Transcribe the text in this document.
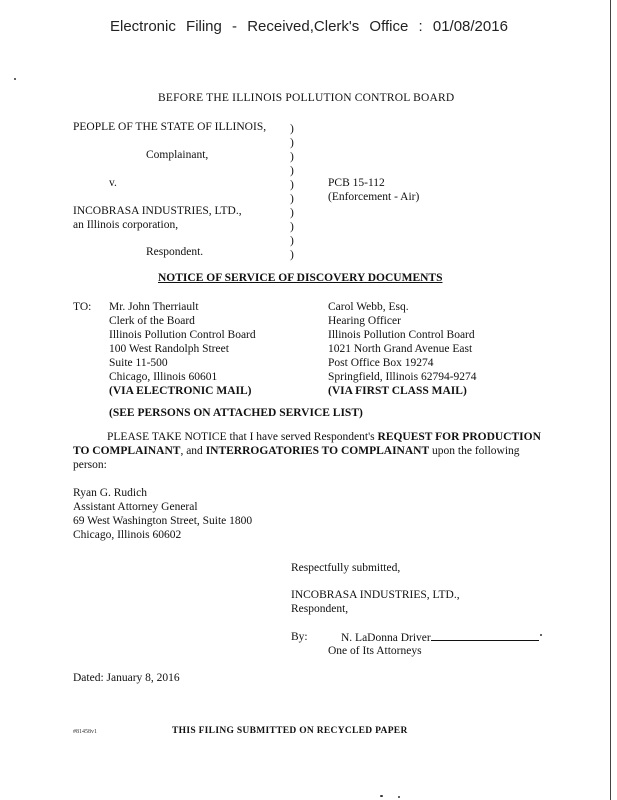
Electronic Filing - Received,Clerk's Office : 01/08/2016
BEFORE THE ILLINOIS POLLUTION CONTROL BOARD
PEOPLE OF THE STATE OF ILLINOIS,
Complainant,
v.
INCOBRASA INDUSTRIES, LTD.,
an Illinois corporation,
Respondent.
)
)
)
)
)
)
)
)
)
)
PCB 15-112
(Enforcement - Air)
NOTICE OF SERVICE OF DISCOVERY DOCUMENTS
TO: Mr. John Therriault
Clerk of the Board
Illinois Pollution Control Board
100 West Randolph Street
Suite 11-500
Chicago, Illinois 60601
(VIA ELECTRONIC MAIL)
Carol Webb, Esq.
Hearing Officer
Illinois Pollution Control Board
1021 North Grand Avenue East
Post Office Box 19274
Springfield, Illinois 62794-9274
(VIA FIRST CLASS MAIL)
(SEE PERSONS ON ATTACHED SERVICE LIST)
PLEASE TAKE NOTICE that I have served Respondent's REQUEST FOR PRODUCTION TO COMPLAINANT, and INTERROGATORIES TO COMPLAINANT upon the following person:
Ryan G. Rudich
Assistant Attorney General
69 West Washington Street, Suite 1800
Chicago, Illinois 60602
Respectfully submitted,
INCOBRASA INDUSTRIES, LTD.,
Respondent,
By:	N. LaDonna Driver
One of Its Attorneys
Dated: January 8, 2016
#81458v1	THIS FILING SUBMITTED ON RECYCLED PAPER
